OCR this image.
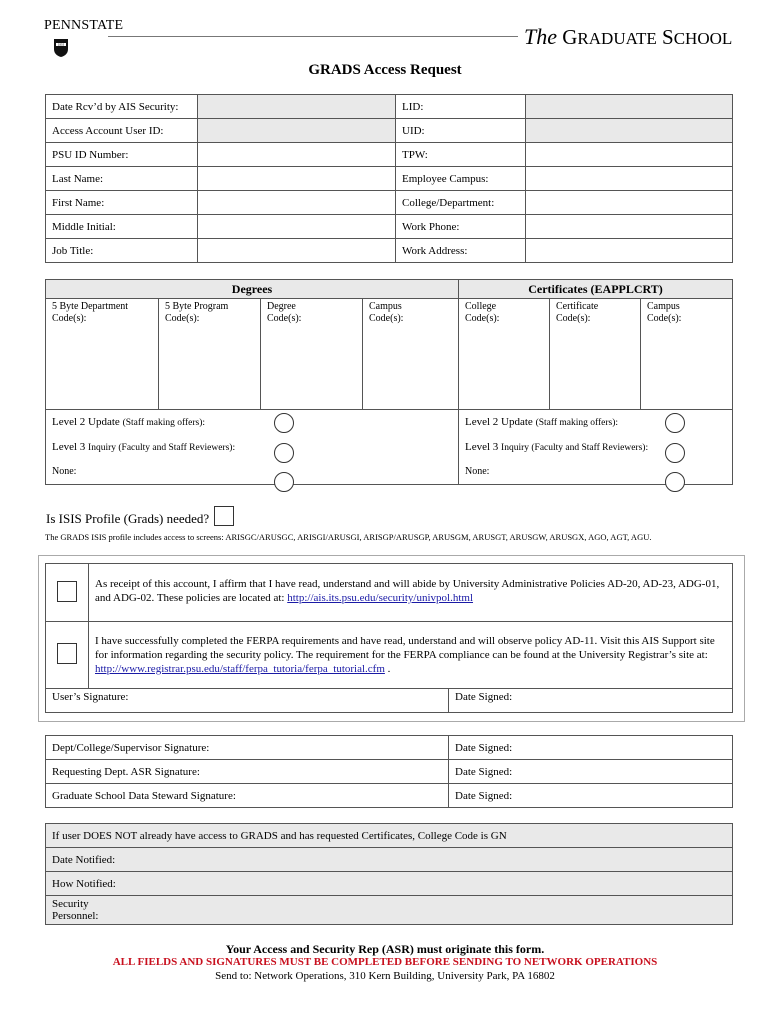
PENNSTATE
1855	The GRADUATE SCHOOL
GRADS Access Request
Date Rcv’d by AIS Security:		LID:	
Access Account User ID:		UID:	
PSU ID Number:		TPW:	
Last Name:		Employee Campus:	
First Name:		College/Department:	
Middle Initial:		Work Phone:	
Job Title:		Work Address:	
Degrees				Certificates (EAPPLCRT)		
5 Byte Department
Code(s):	5 Byte Program
Code(s):	Degree
Code(s):	Campus
Code(s):	College
Code(s):	Certificate
Code(s):	Campus
Code(s):
Level 2 Update (Staff making offers):				Level 2 Update (Staff making offers):		
Level 3 Inquiry (Faculty and Staff Reviewers):				Level 3 Inquiry (Faculty and Staff Reviewers):		
None:				None:		
Is ISIS Profile (Grads) needed?
The GRADS ISIS profile includes access to screens: ARISGC/ARUSGC, ARISGI/ARUSGI, ARISGP/ARUSGP, ARUSGM, ARUSGT, ARUSGW, ARUSGX, AGO, AGT, AGU.
	As receipt of this account, I affirm that I have read, understand and will abide by University Administrative Policies AD-20, AD-23, ADG-01, and ADG-02. These policies are located at: http://ais.its.psu.edu/security/univpol.html	
	I have successfully completed the FERPA requirements and have read, understand and will observe policy AD-11. Visit this AIS Support site for information regarding the security policy. The requirement for the FERPA compliance can be found at the University Registrar’s site at: http://www.registrar.psu.edu/staff/ferpa_tutoria/ferpa_tutorial.cfm .	
User’s Signature:		Date Signed:
Dept/College/Supervisor Signature:	Date Signed:
Requesting Dept. ASR Signature:	Date Signed:
Graduate School Data Steward Signature:	Date Signed:
If user DOES NOT already have access to GRADS and has requested Certificates, College Code is GN
Date Notified:
How Notified:
Security
Personnel:
Your Access and Security Rep (ASR) must originate this form.
ALL FIELDS AND SIGNATURES MUST BE COMPLETED BEFORE SENDING TO NETWORK OPERATIONS
Send to: Network Operations, 310 Kern Building, University Park, PA 16802
